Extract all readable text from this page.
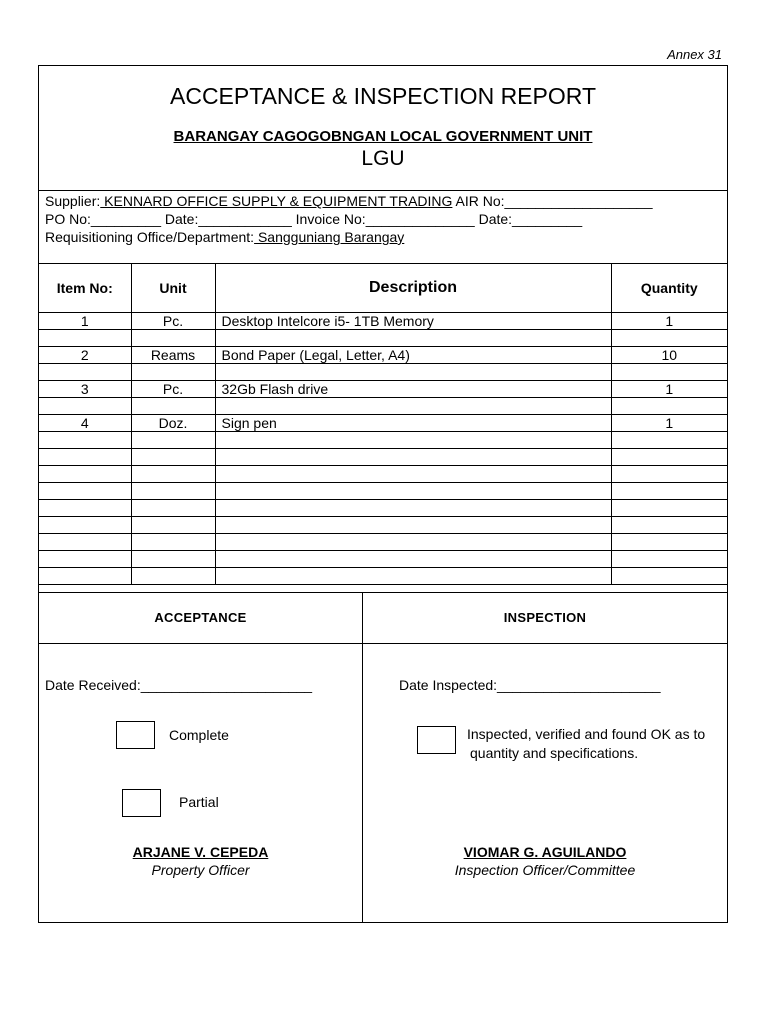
Annex 31
ACCEPTANCE & INSPECTION REPORT
BARANGAY CAGOGOBNGAN LOCAL GOVERNMENT UNIT
LGU
Supplier: KENNARD OFFICE SUPPLY & EQUIPMENT TRADING AIR No:___________________
PO No:_________ Date:____________ Invoice No:______________ Date:_________
Requisitioning Office/Department: Sangguniang Barangay
Item No:	Unit	Description	Quantity
1	Pc.	Desktop Intelcore i5- 1TB Memory	1

2	Reams	Bond Paper (Legal, Letter, A4)	10

3	Pc.	32Gb Flash drive	1

4	Doz.	Sign pen	1

ACCEPTANCE	INSPECTION
Date Received:______________________
Complete
Partial
ARJANE V. CEPEDA
Property Officer
Date Inspected:_____________________
Inspected, verified and found OK as to
quantity and specifications.
VIOMAR G. AGUILANDO
Inspection Officer/Committee
